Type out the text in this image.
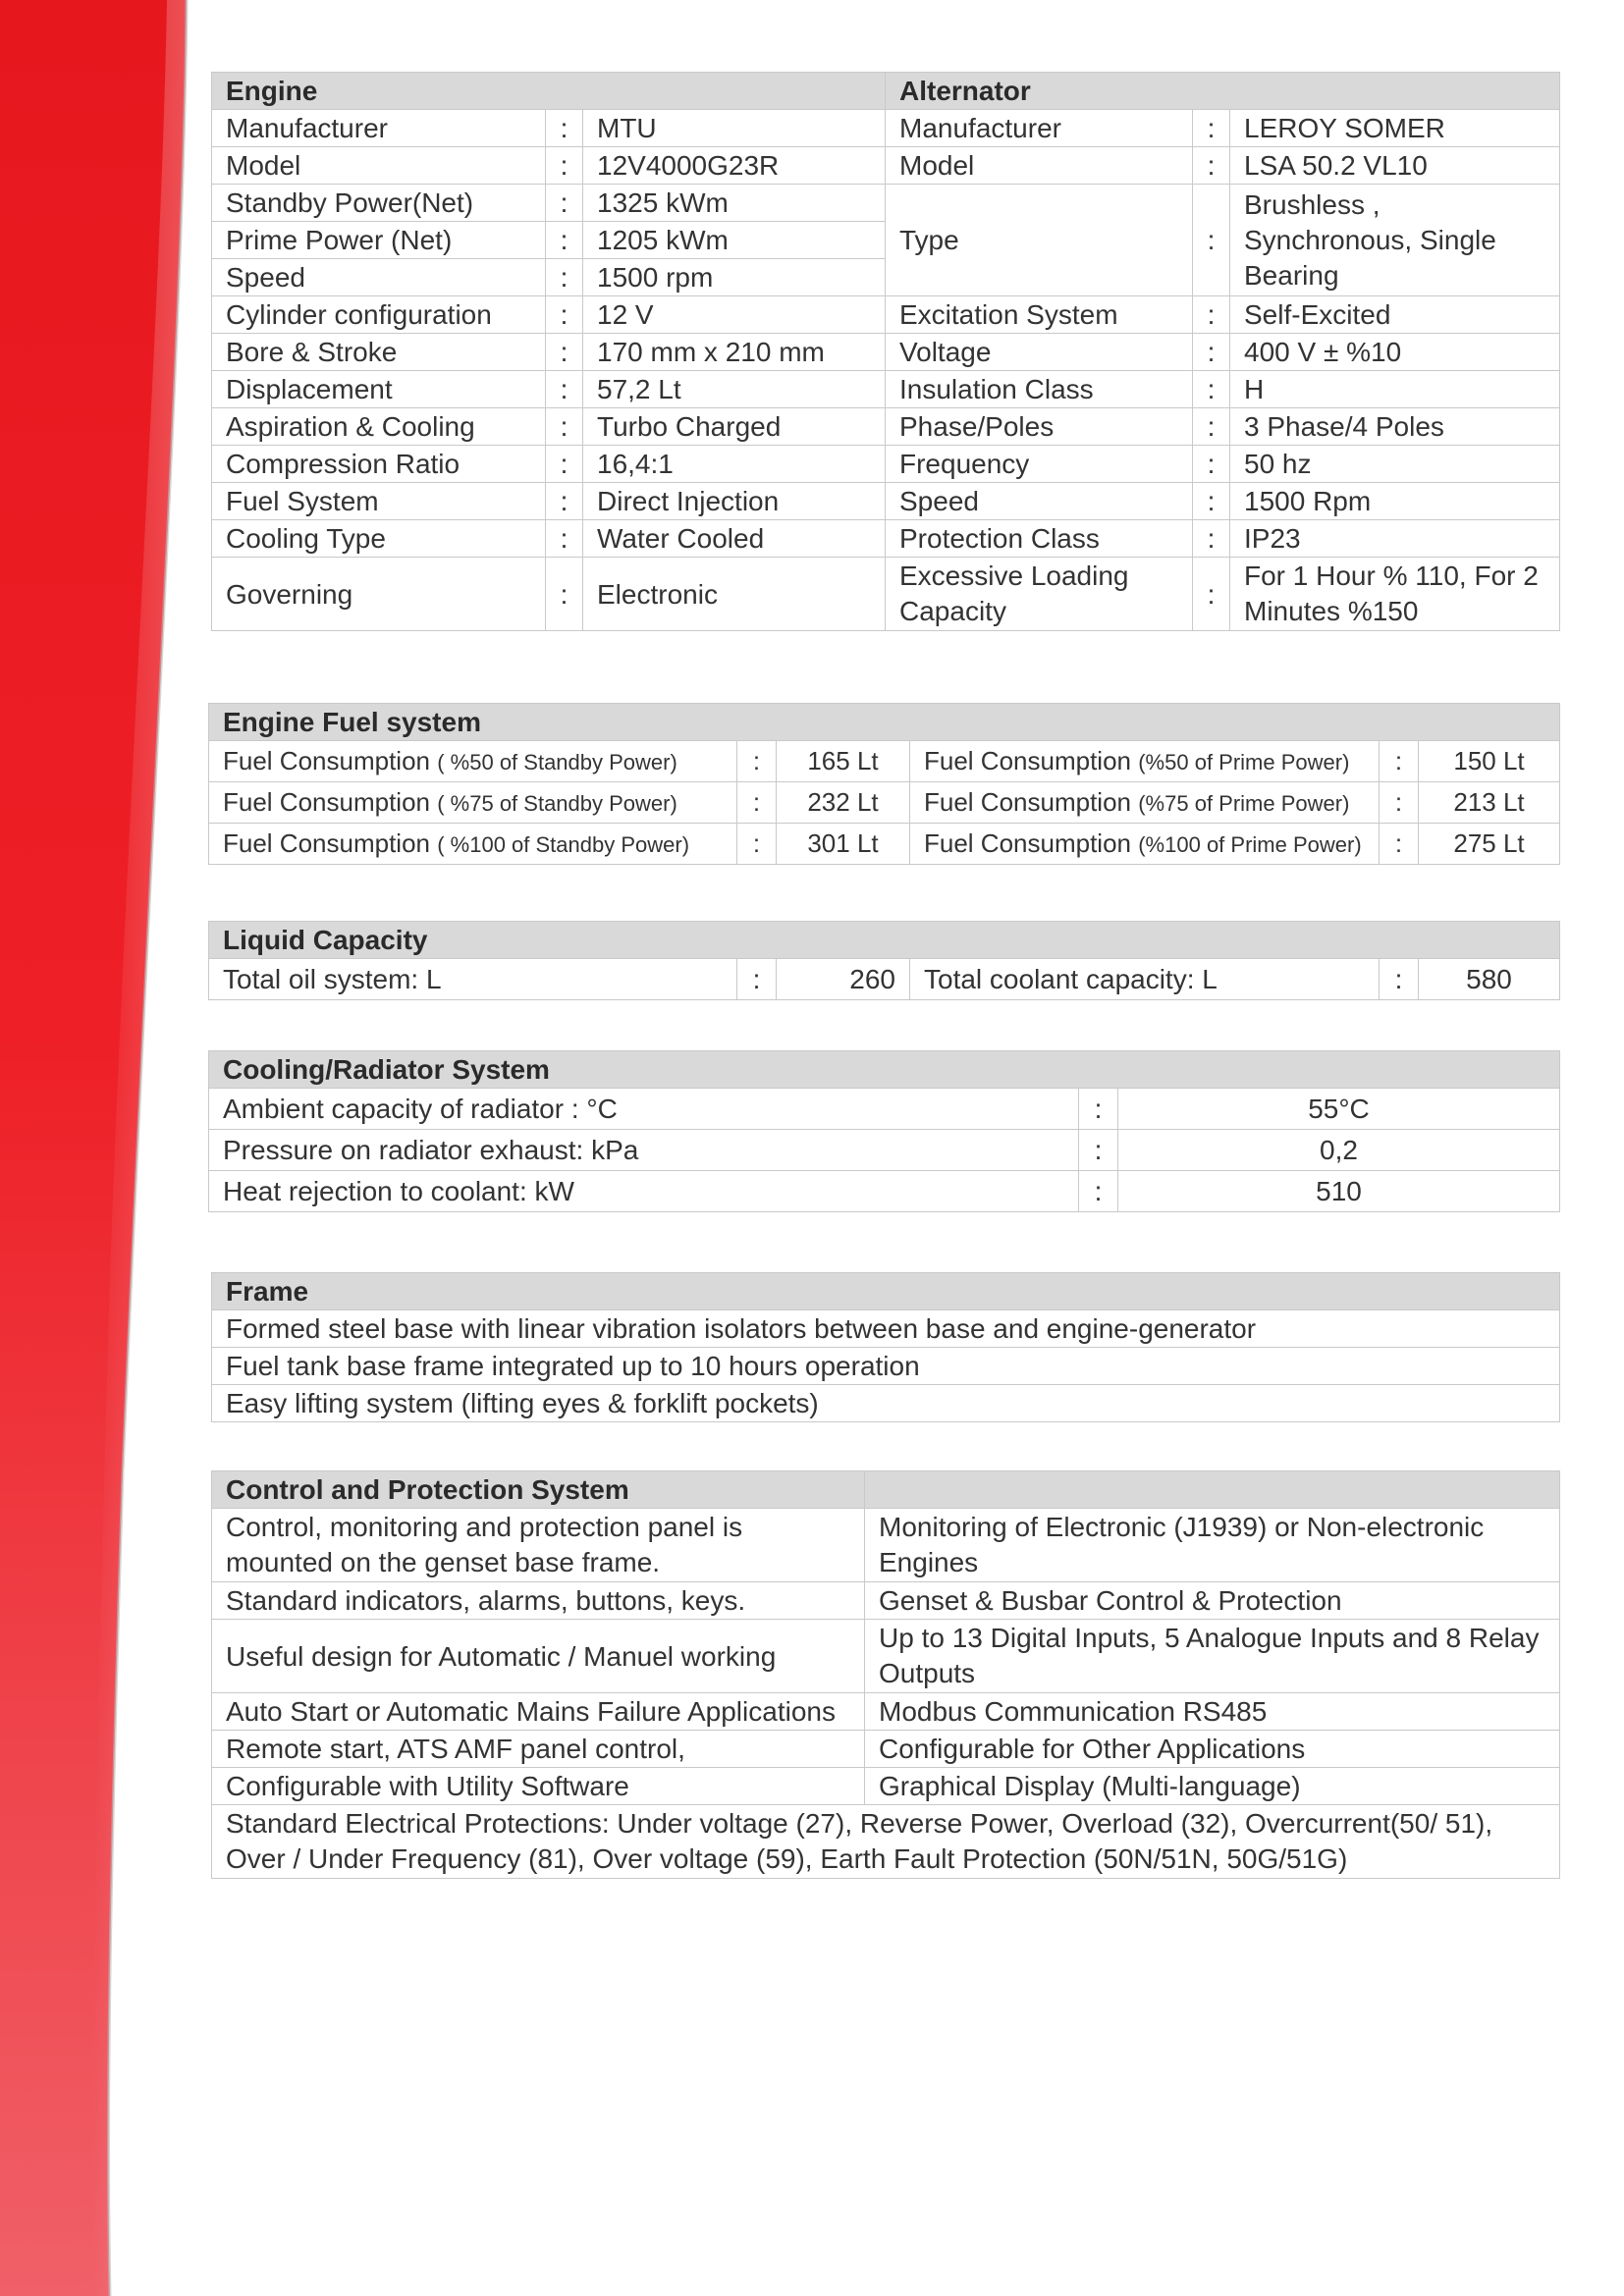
Engine			Alternator		
Manufacturer	:	MTU	Manufacturer	:	LEROY SOMER
Model	:	12V4000G23R	Model	:	LSA 50.2 VL10
Standby Power(Net)	:	1325 kWm	Type	:	Brushless , Synchronous, Single Bearing
Prime Power (Net)	:	1205 kWm			
Speed	:	1500 rpm			
Cylinder configuration	:	12 V	Excitation System	:	Self-Excited
Bore & Stroke	:	170 mm x 210 mm	Voltage	:	400 V ± %10
Displacement	:	57,2 Lt	Insulation Class	:	H
Aspiration & Cooling	:	Turbo Charged	Phase/Poles	:	3 Phase/4 Poles
Compression Ratio	:	16,4:1	Frequency	:	50 hz
Fuel System	:	Direct Injection	Speed	:	1500 Rpm
Cooling Type	:	Water Cooled	Protection Class	:	IP23
Governing	:	Electronic	Excessive Loading Capacity	:	For 1 Hour % 110, For 2 Minutes %150
Engine Fuel system					
Fuel Consumption ( %50 of Standby Power)	:	165 Lt	Fuel Consumption (%50 of Prime Power)	:	150 Lt
Fuel Consumption ( %75 of Standby Power)	:	232 Lt	Fuel Consumption (%75 of Prime Power)	:	213 Lt
Fuel Consumption ( %100 of Standby Power)	:	301 Lt	Fuel Consumption (%100 of Prime Power)	:	275 Lt
Liquid Capacity
Total oil system: L	:	260	Total coolant capacity: L	:	580
Cooling/Radiator System		
Ambient capacity of radiator : °C	:	55°C
Pressure on radiator exhaust: kPa	:	0,2
Heat rejection to coolant: kW	:	510
Frame
Formed steel base with linear vibration isolators between base and engine-generator
Fuel tank base frame integrated up to 10 hours operation
Easy lifting system (lifting eyes & forklift pockets)
Control and Protection System	
Control, monitoring and protection panel is mounted on the genset base frame.	Monitoring of Electronic (J1939) or Non-electronic Engines
Standard indicators, alarms, buttons, keys.	Genset & Busbar Control & Protection
Useful design for Automatic / Manuel working	Up to 13 Digital Inputs, 5 Analogue Inputs and 8 Relay Outputs
Auto Start or Automatic Mains Failure Applications	Modbus Communication RS485
Remote start, ATS AMF panel control,	Configurable for Other Applications
Configurable with Utility Software	Graphical Display (Multi-language)
Standard Electrical Protections: Under voltage (27), Reverse Power, Overload (32), Overcurrent(50/ 51), Over / Under Frequency (81), Over voltage (59), Earth Fault Protection (50N/51N, 50G/51G)	
